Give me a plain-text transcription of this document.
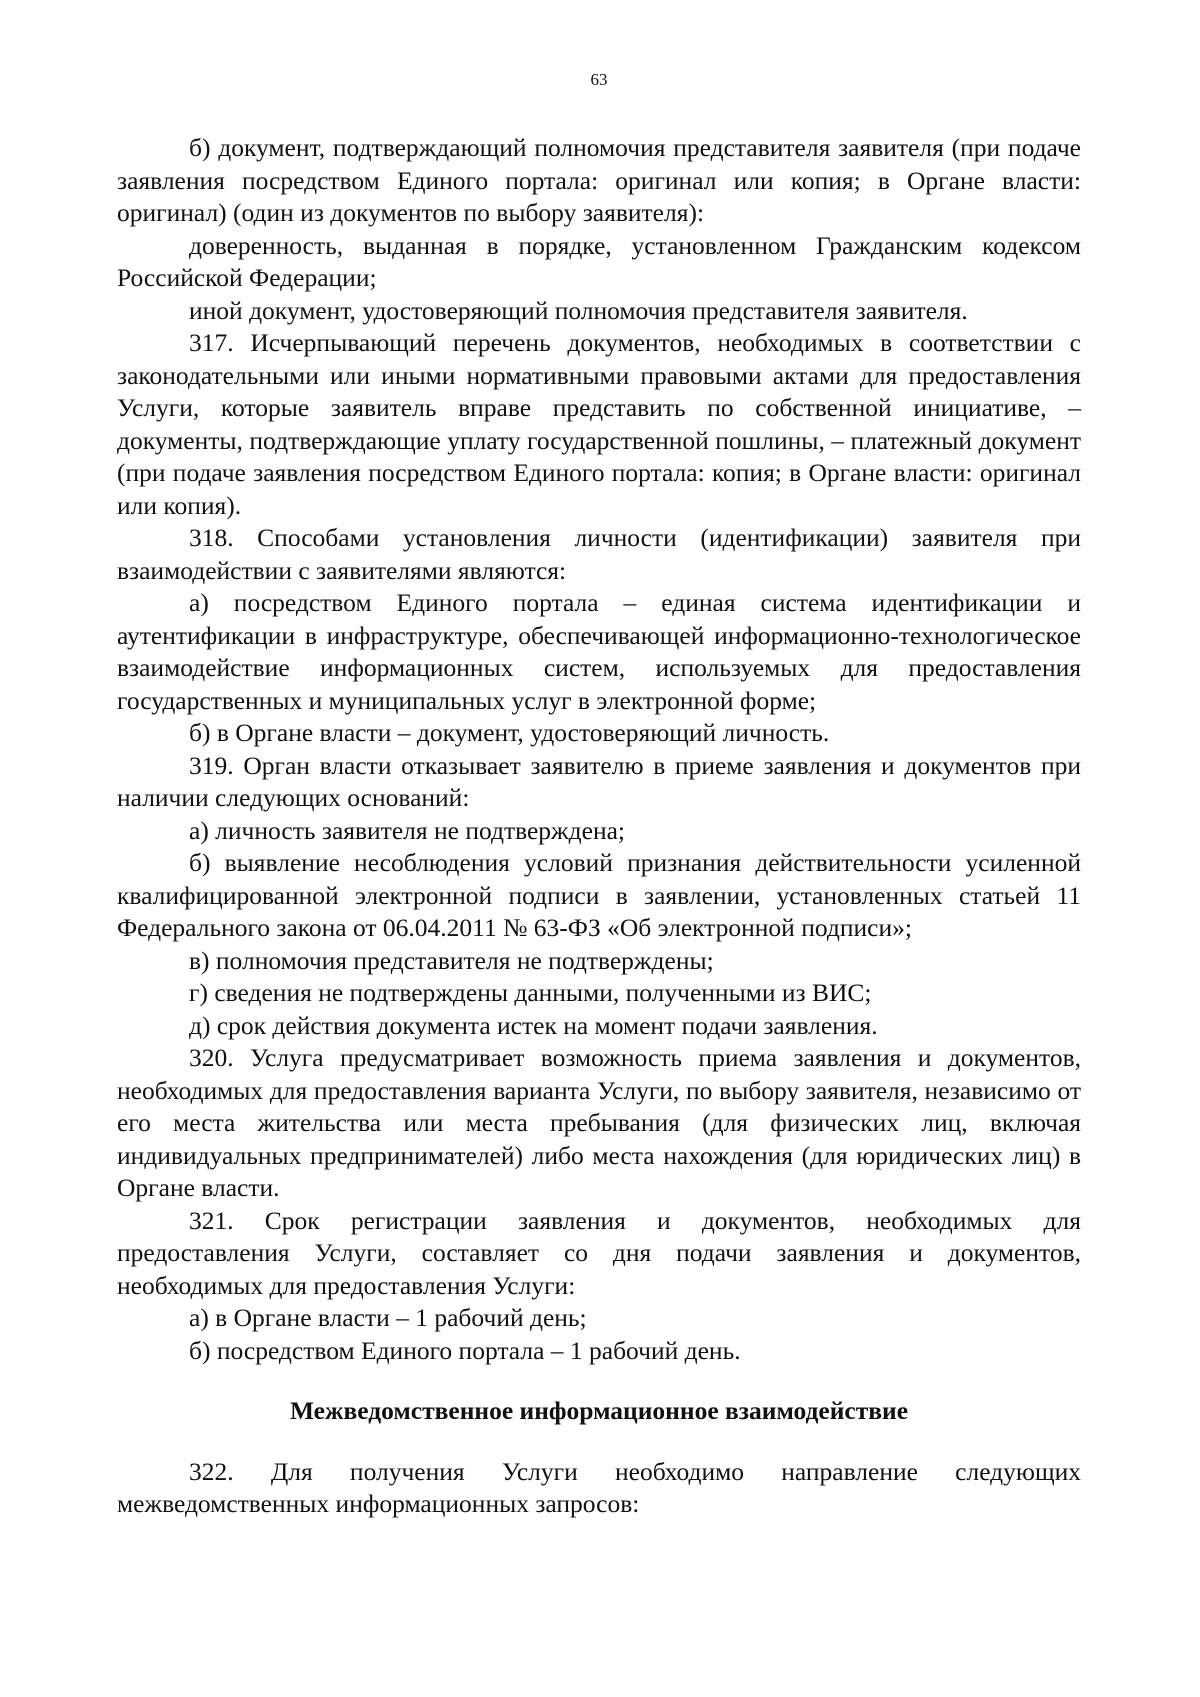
63

б) документ, подтверждающий полномочия представителя заявителя (при подаче заявления посредством Единого портала: оригинал или копия; в Органе власти: оригинал) (один из документов по выбору заявителя):

доверенность, выданная в порядке, установленном Гражданским кодексом Российской Федерации;

иной документ, удостоверяющий полномочия представителя заявителя.

317. Исчерпывающий перечень документов, необходимых в соответствии с законодательными или иными нормативными правовыми актами для предоставления Услуги, которые заявитель вправе представить по собственной инициативе, – документы, подтверждающие уплату государственной пошлины, – платежный документ (при подаче заявления посредством Единого портала: копия; в Органе власти: оригинал или копия).

318. Способами установления личности (идентификации) заявителя при взаимодействии с заявителями являются:

а) посредством Единого портала – единая система идентификации и аутентификации в инфраструктуре, обеспечивающей информационно-технологическое взаимодействие информационных систем, используемых для предоставления государственных и муниципальных услуг в электронной форме;

б) в Органе власти – документ, удостоверяющий личность.

319. Орган власти отказывает заявителю в приеме заявления и документов при наличии следующих оснований:

а) личность заявителя не подтверждена;

б) выявление несоблюдения условий признания действительности усиленной квалифицированной электронной подписи в заявлении, установленных статьей 11 Федерального закона от 06.04.2011 № 63-ФЗ «Об электронной подписи»;

в) полномочия представителя не подтверждены;

г) сведения не подтверждены данными, полученными из ВИС;

д) срок действия документа истек на момент подачи заявления.

320. Услуга предусматривает возможность приема заявления и документов, необходимых для предоставления варианта Услуги, по выбору заявителя, независимо от его места жительства или места пребывания (для физических лиц, включая индивидуальных предпринимателей) либо места нахождения (для юридических лиц) в Органе власти.

321. Срок регистрации заявления и документов, необходимых для предоставления Услуги, составляет со дня подачи заявления и документов, необходимых для предоставления Услуги:

а) в Органе власти – 1 рабочий день;

б) посредством Единого портала – 1 рабочий день.

Межведомственное информационное взаимодействие

322. Для получения Услуги необходимо направление следующих межведомственных информационных запросов:
